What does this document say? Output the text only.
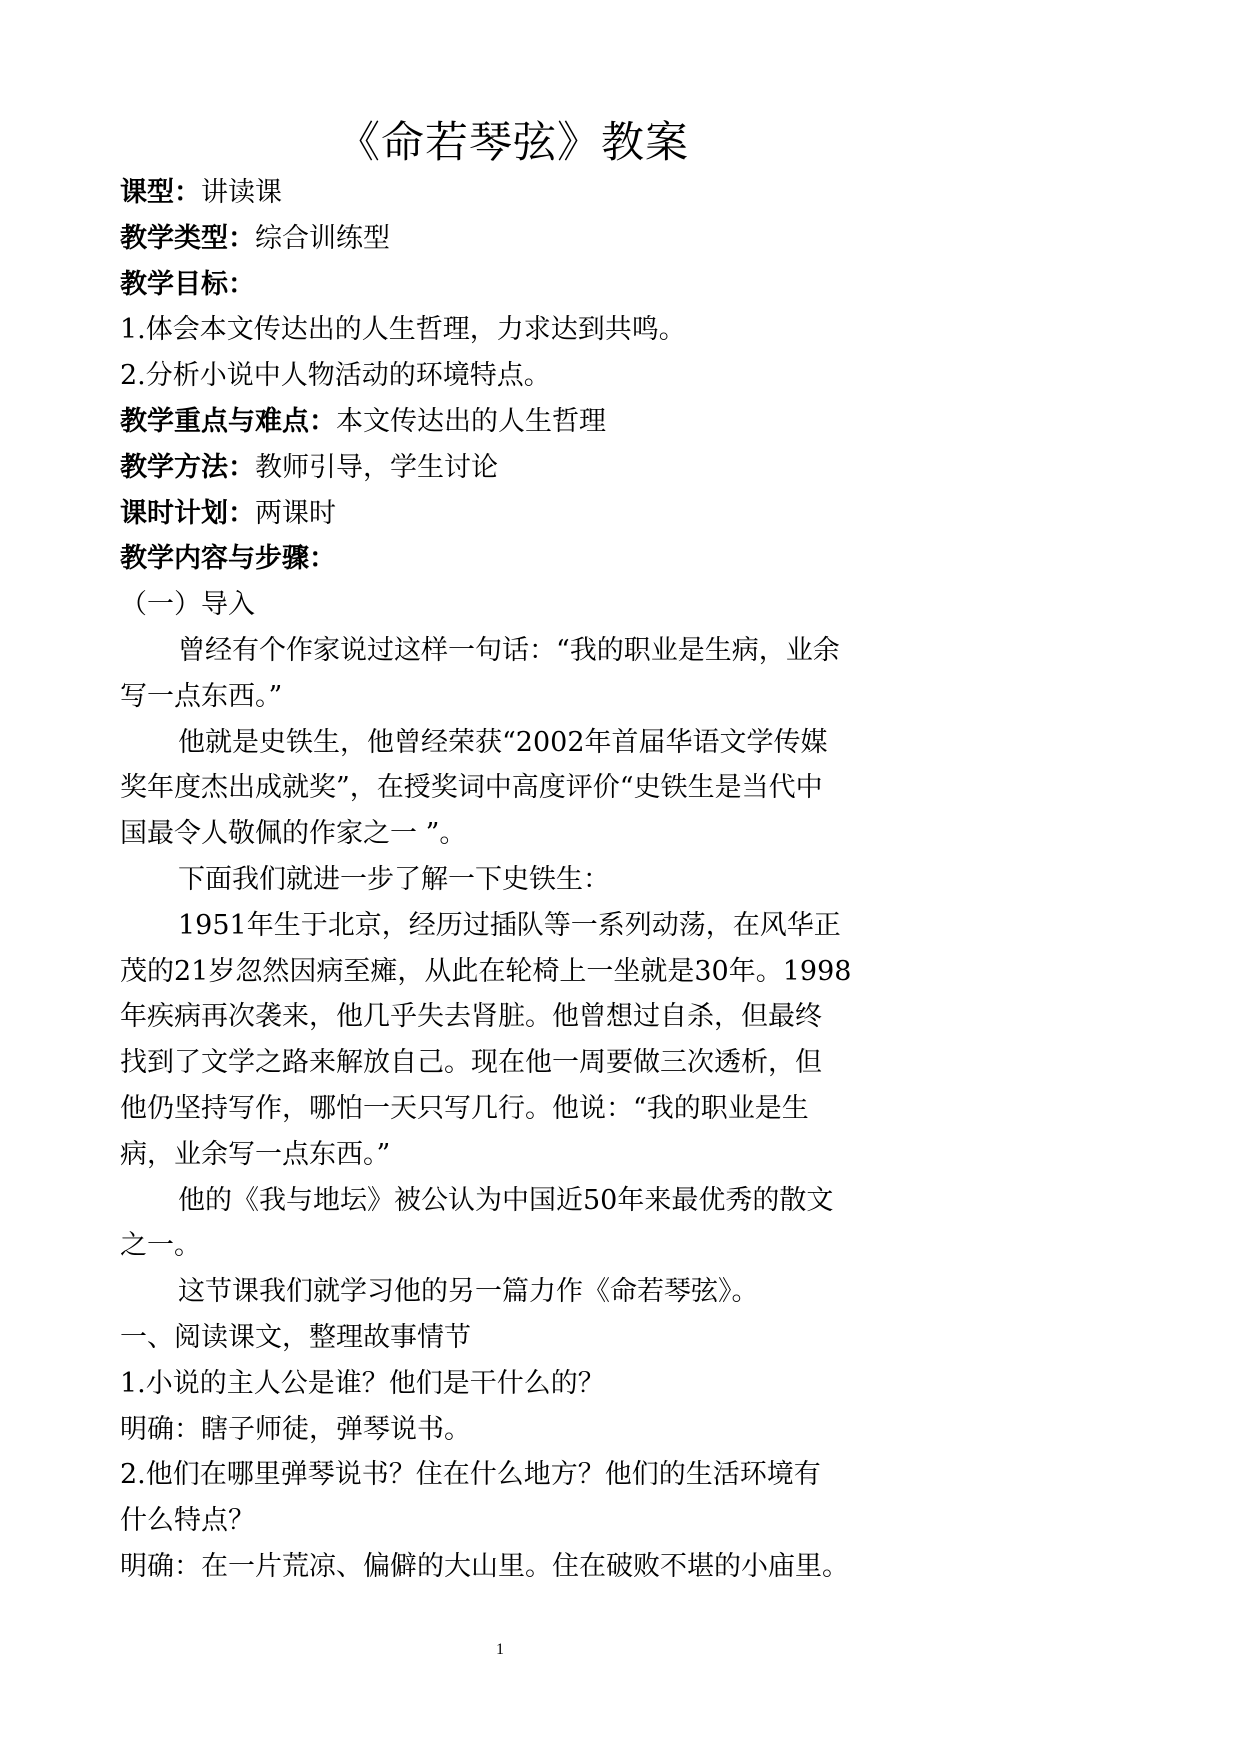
《命若琴弦》教案
课型：讲读课
教学类型：综合训练型
教学目标：
1.体会本文传达出的人生哲理，力求达到共鸣。
2.分析小说中人物活动的环境特点。
教学重点与难点：本文传达出的人生哲理
教学方法：教师引导，学生讨论
课时计划：两课时
教学内容与步骤：
（一）导入
曾经有个作家说过这样一句话：“我的职业是生病，业余
写一点东西。”
他就是史铁生，他曾经荣获“2002年首届华语文学传媒
奖年度杰出成就奖”，在授奖词中高度评价“史铁生是当代中
国最令人敬佩的作家之一 ”。
下面我们就进一步了解一下史铁生：
1951年生于北京，经历过插队等一系列动荡，在风华正
茂的21岁忽然因病至瘫，从此在轮椅上一坐就是30年。1998
年疾病再次袭来，他几乎失去肾脏。他曾想过自杀，但最终
找到了文学之路来解放自己。现在他一周要做三次透析，但
他仍坚持写作，哪怕一天只写几行。他说：“我的职业是生
病，业余写一点东西。”
他的《我与地坛》被公认为中国近50年来最优秀的散文
之一。
这节课我们就学习他的另一篇力作《命若琴弦》。
一、阅读课文，整理故事情节
1.小说的主人公是谁？他们是干什么的？
明确：瞎子师徒，弹琴说书。
2.他们在哪里弹琴说书？住在什么地方？他们的生活环境有
什么特点？
明确：在一片荒凉、偏僻的大山里。住在破败不堪的小庙里。
1
